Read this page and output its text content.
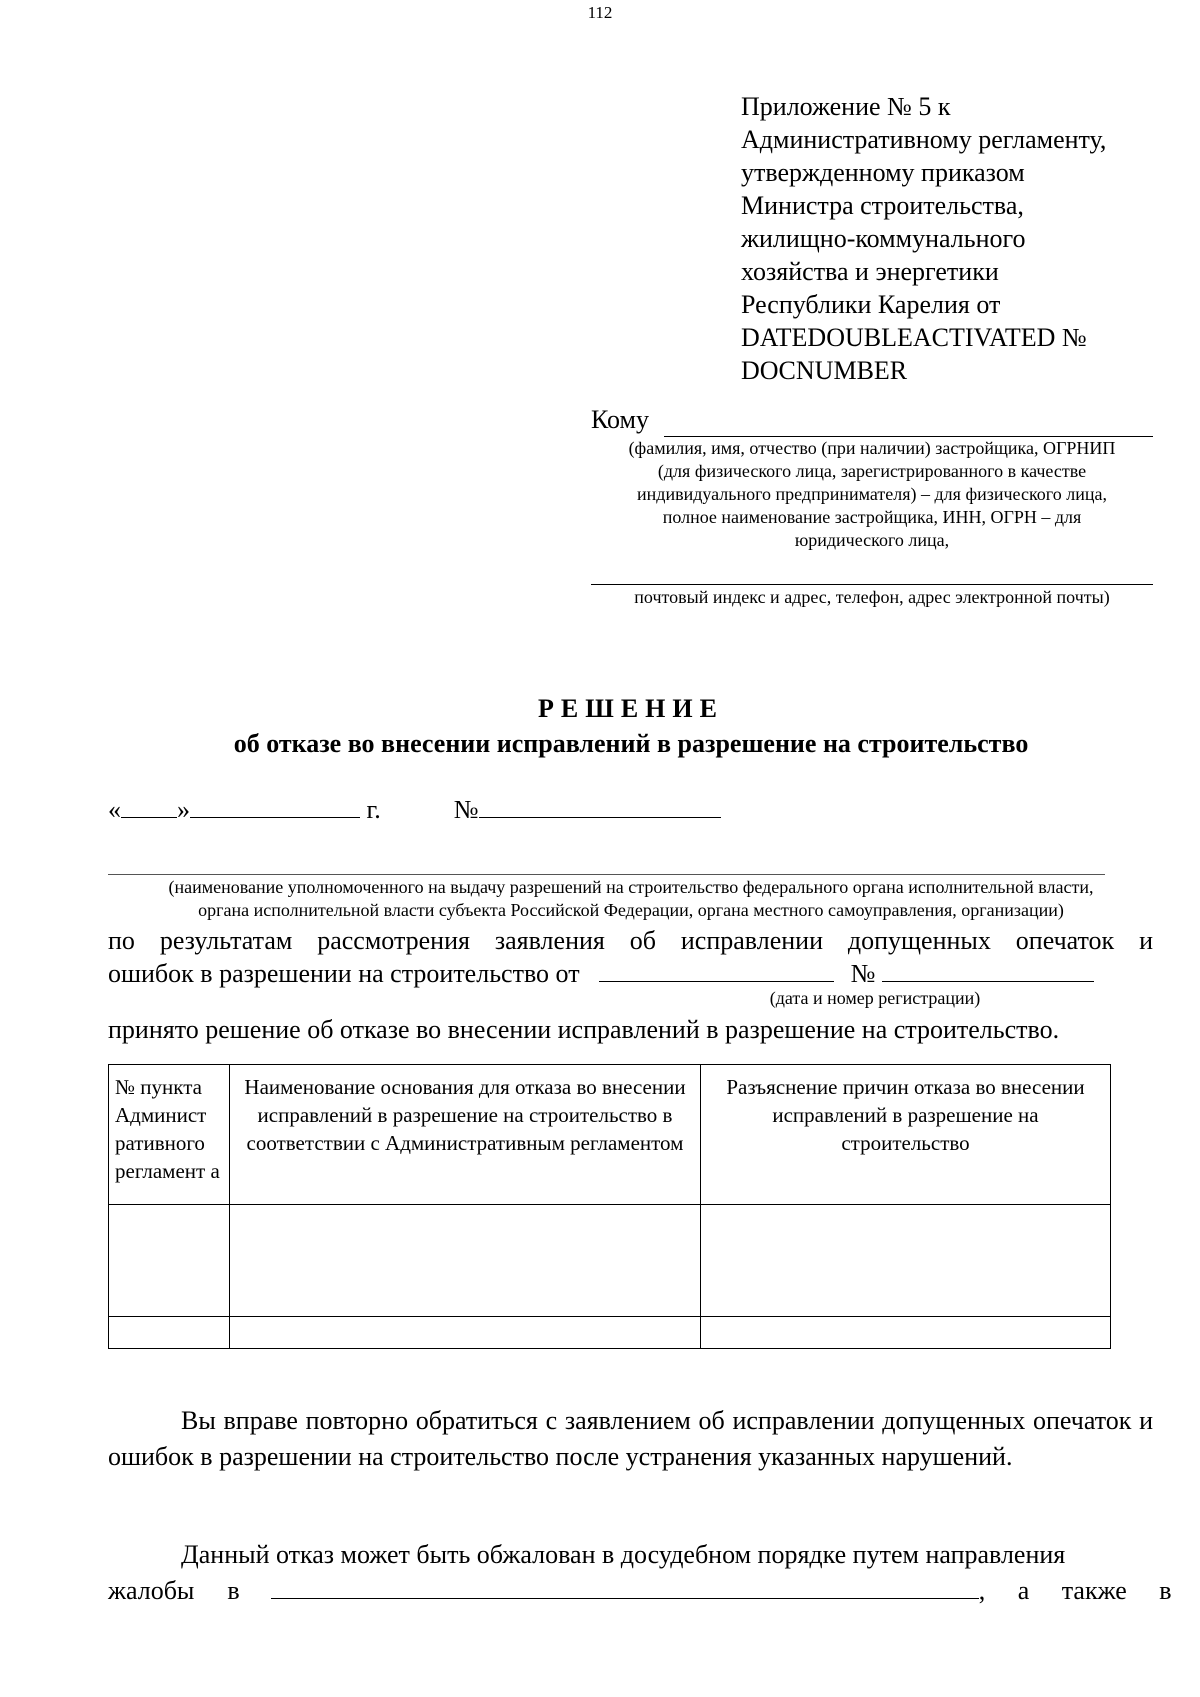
112
Приложение № 5 к
Административному регламенту,
утвержденному приказом
Министра строительства,
жилищно-коммунального
хозяйства и энергетики
Республики Карелия от
DATEDOUBLEACTIVATED №
DOCNUMBER
Кому
(фамилия, имя, отчество (при наличии) застройщика, ОГРНИП
(для физического лица, зарегистрированного в качестве
индивидуального предпринимателя) – для физического лица,
полное наименование застройщика, ИНН, ОГРН – для
юридического лица,
почтовый индекс и адрес, телефон, адрес электронной почты)
РЕШЕНИЕ
об отказе во внесении исправлений в разрешение на строительство
« »	г.	№
(наименование уполномоченного на выдачу разрешений на строительство федерального органа исполнительной власти,
органа исполнительной власти субъекта Российской Федерации, органа местного самоуправления, организации)
по результатам рассмотрения заявления об исправлении допущенных опечаток и
ошибок в разрешении на строительство от	№
(дата и номер регистрации)
принято решение об отказе во внесении исправлений в разрешение на строительство.
№ пункта Админист ративного регламент а	Наименование основания для отказа во внесении исправлений в разрешение на строительство в соответствии с Административным регламентом	Разъяснение причин отказа во внесении исправлений в разрешение на строительство

Вы вправе повторно обратиться с заявлением об исправлении допущенных опечаток и ошибок в разрешении на строительство после устранения указанных нарушений.
Данный отказ может быть обжалован в досудебном порядке путем направления
жалобы в	, а также в
